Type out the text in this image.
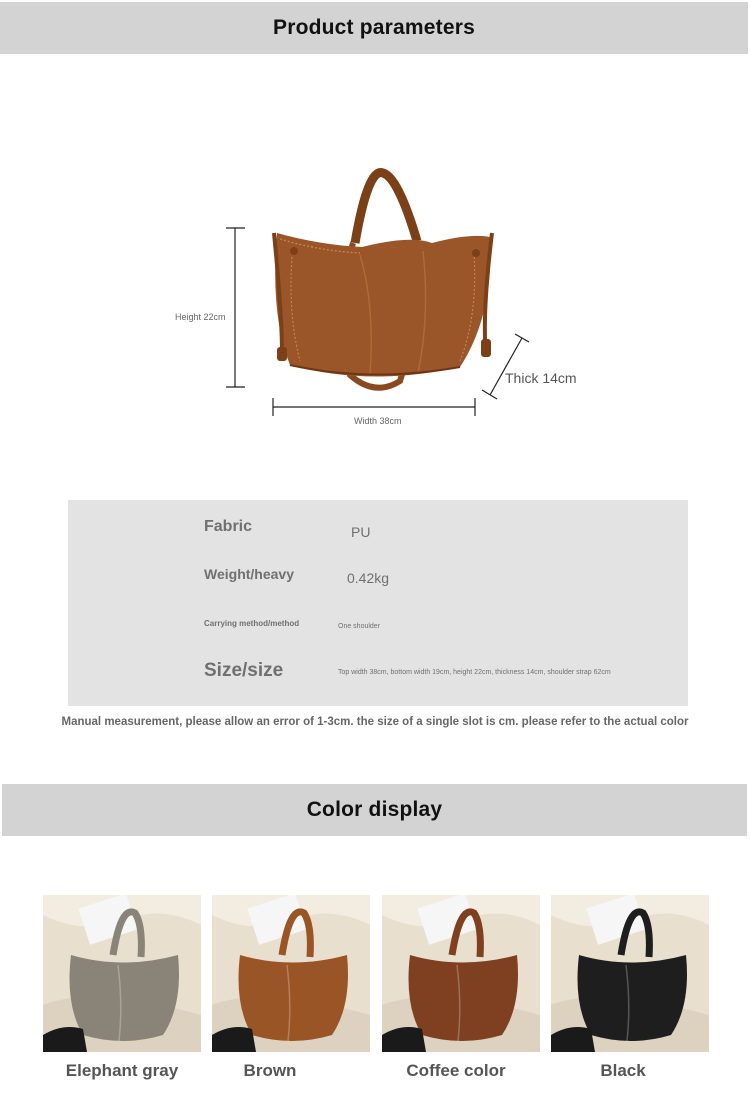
Product parameters
Height 22cm
Width 38cm
Thick 14cm
Fabric	PU
Weight/heavy	0.42kg
Carrying method/method	One shoulder
Size/size	Top width 38cm, bottom width 19cm, height 22cm, thickness 14cm, shoulder strap 62cm
Manual measurement, please allow an error of 1-3cm. the size of a single slot is cm. please refer to the actual color
Color display
Elephant gray	Brown	Coffee color	Black
